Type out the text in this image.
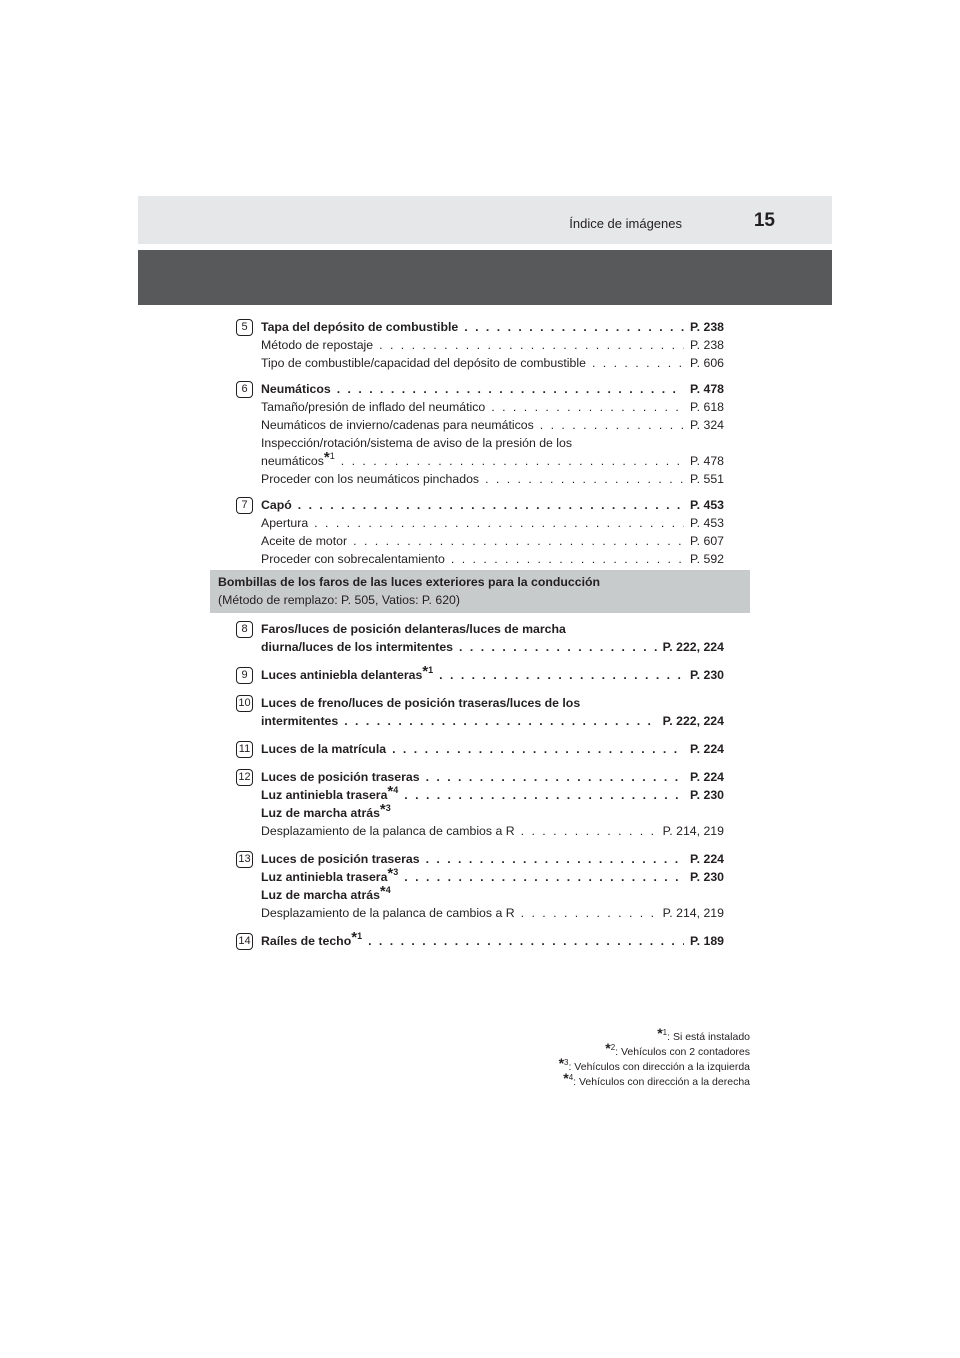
Índice de imágenes	15
5	Tapa del depósito de combustible . . .	P. 238
Método de repostaje . . .	P. 238
Tipo de combustible/capacidad del depósito de combustible . . .	P. 606
6	Neumáticos . . .	P. 478
Tamaño/presión de inflado del neumático . . .	P. 618
Neumáticos de invierno/cadenas para neumáticos . . .	P. 324
Inspección/rotación/sistema de aviso de la presión de los
neumáticos$^{*1}$ . . .	P. 478
Proceder con los neumáticos pinchados . . .	P. 551
7	Capó . . .	P. 453
Apertura . . .	P. 453
Aceite de motor . . .	P. 607
Proceder con sobrecalentamiento . . .	P. 592
Bombillas de los faros de las luces exteriores para la conducción
(Método de remplazo: P. 505, Vatios: P. 620)
8	Faros/luces de posición delanteras/luces de marcha
diurna/luces de los intermitentes . . .	P. 222, 224
9	Luces antiniebla delanteras$^{*1}$ . . .	P. 230
10 Luces de freno/luces de posición traseras/luces de los
intermitentes . . .	P. 222, 224
11 Luces de la matrícula . . .	P. 224
12 Luces de posición traseras . . .	P. 224
Luz antiniebla trasera$^{*4}$ . . .	P. 230
Luz de marcha atrás$^{*3}$
Desplazamiento de la palanca de cambios a R . . .	P. 214, 219
13 Luces de posición traseras . . .	P. 224
Luz antiniebla trasera$^{*3}$ . . .	P. 230
Luz de marcha atrás$^{*4}$
Desplazamiento de la palanca de cambios a R . . .	P. 214, 219
14 Raíles de techo$^{*1}$ . . .	P. 189
$^{*1}$: Si está instalado
$^{*2}$: Vehículos con 2 contadores
$^{*3}$: Vehículos con dirección a la izquierda
$^{*4}$: Vehículos con dirección a la derecha
